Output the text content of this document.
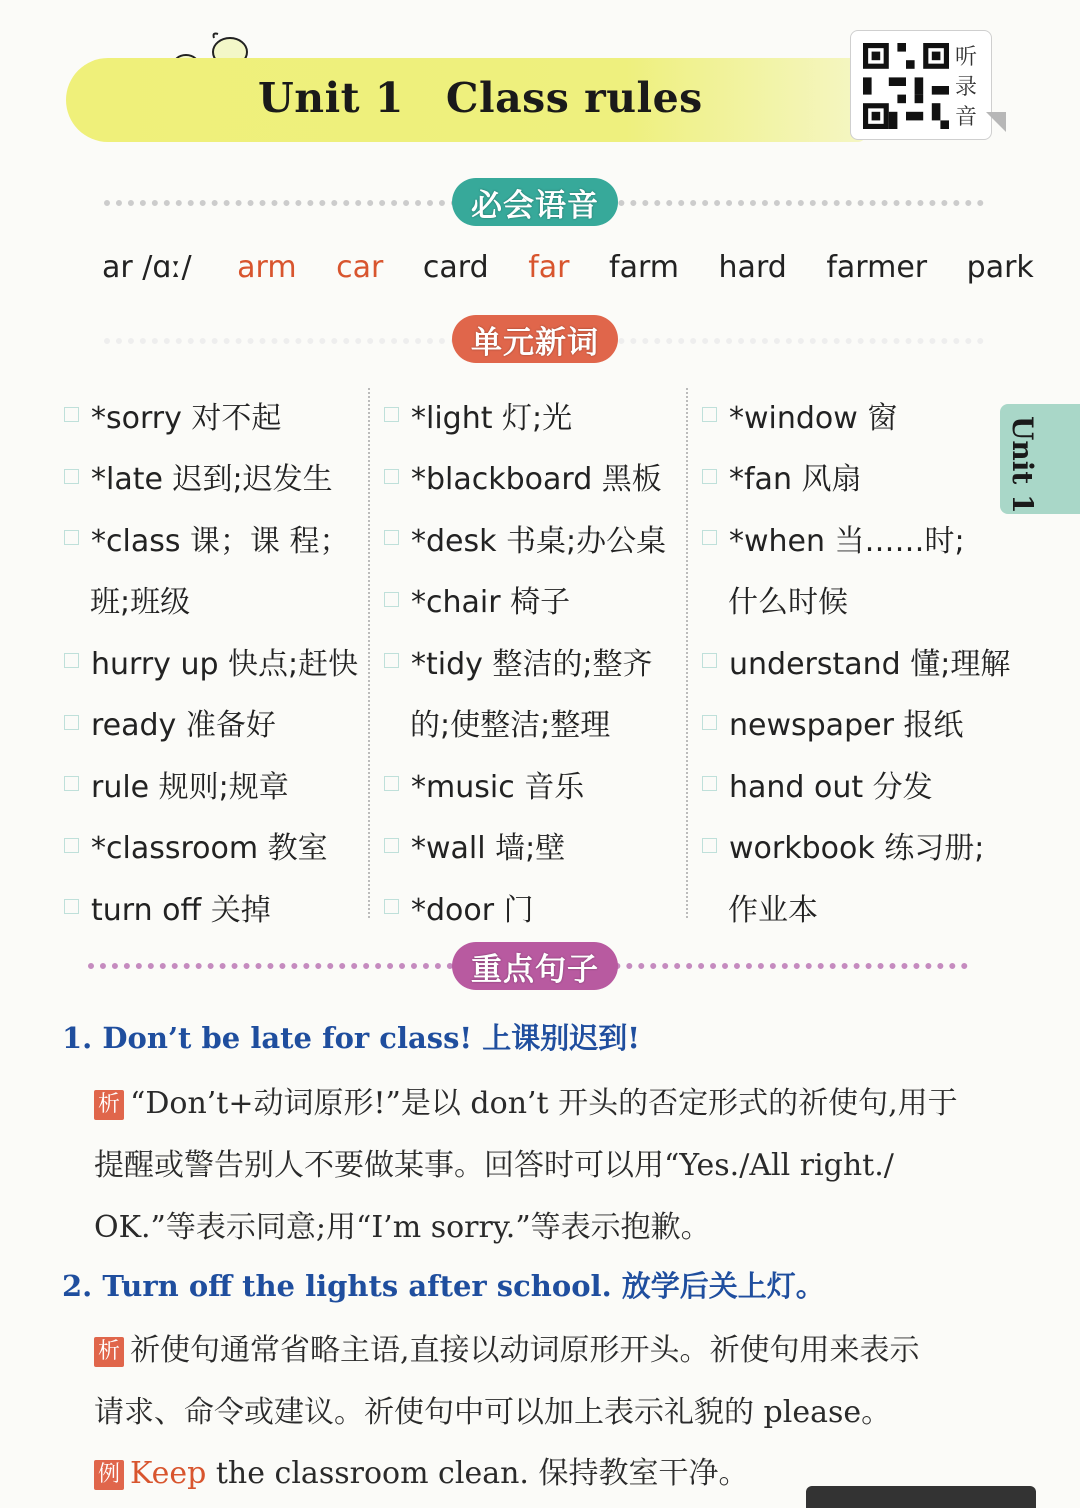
Unit 1 Class rules
听
录
音
必会语音
ar /ɑː/ arm car card far farm hard farmer park
单元新词
*sorry 对不起
*late 迟到;迟发生
*class 课；课 程；
班;班级
hurry up 快点;赶快
ready 准备好
rule 规则;规章
*classroom 教室
turn off 关掉
*light 灯;光
*blackboard 黑板
*desk 书桌;办公桌
*chair 椅子
*tidy 整洁的;整齐
的;使整洁;整理
*music 音乐
*wall 墙;壁
*door 门
*window 窗
*fan 风扇
*when 当……时;
什么时候
understand 懂;理解
newspaper 报纸
hand out 分发
workbook 练习册;
作业本
Unit 1
重点句子
1. Don’t be late for class! 上课别迟到!
析 “Don’t+动词原形!”是以 don’t 开头的否定形式的祈使句,用于
提醒或警告别人不要做某事。回答时可以用“Yes./All right./
OK.”等表示同意;用“I’m sorry.”等表示抱歉。
2. Turn off the lights after school. 放学后关上灯。
析 祈使句通常省略主语,直接以动词原形开头。祈使句用来表示
请求、命令或建议。祈使句中可以加上表示礼貌的 please。
例 Keep the classroom clean. 保持教室干净。
